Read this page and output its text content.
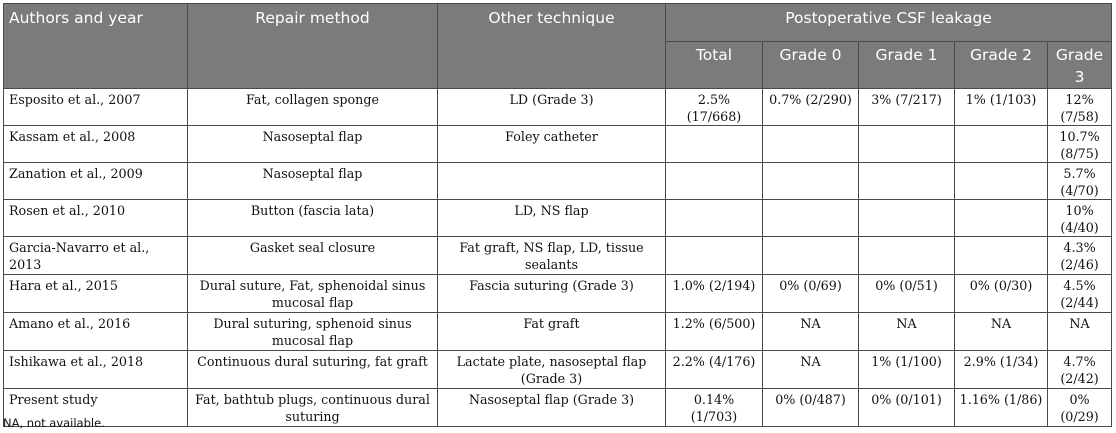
Authors and year	Repair method	Other technique	Postoperative CSF leakage				
			Total	Grade 0	Grade 1	Grade 2	Grade 3
Esposito et al., 2007	Fat, collagen sponge	LD (Grade 3)	2.5% (17/668)	0.7% (2/290)	3% (7/217)	1% (1/103)	12% (7/58)
Kassam et al., 2008	Nasoseptal flap	Foley catheter					10.7% (8/75)
Zanation et al., 2009	Nasoseptal flap						5.7% (4/70)
Rosen et al., 2010	Button (fascia lata)	LD, NS flap					10% (4/40)
Garcia-Navarro et al., 2013	Gasket seal closure	Fat graft, NS flap, LD, tissue sealants					4.3% (2/46)
Hara et al., 2015	Dural suture, Fat, sphenoidal sinus mucosal flap	Fascia suturing (Grade 3)	1.0% (2/194)	0% (0/69)	0% (0/51)	0% (0/30)	4.5% (2/44)
Amano et al., 2016	Dural suturing, sphenoid sinus mucosal flap	Fat graft	1.2% (6/500)	NA	NA	NA	NA
Ishikawa et al., 2018	Continuous dural suturing, fat graft	Lactate plate, nasoseptal flap (Grade 3)	2.2% (4/176)	NA	1% (1/100)	2.9% (1/34)	4.7% (2/42)
Present study	Fat, bathtub plugs, continuous dural suturing	Nasoseptal flap (Grade 3)	0.14% (1/703)	0% (0/487)	0% (0/101)	1.16% (1/86)	0% (0/29)
NA, not available.
